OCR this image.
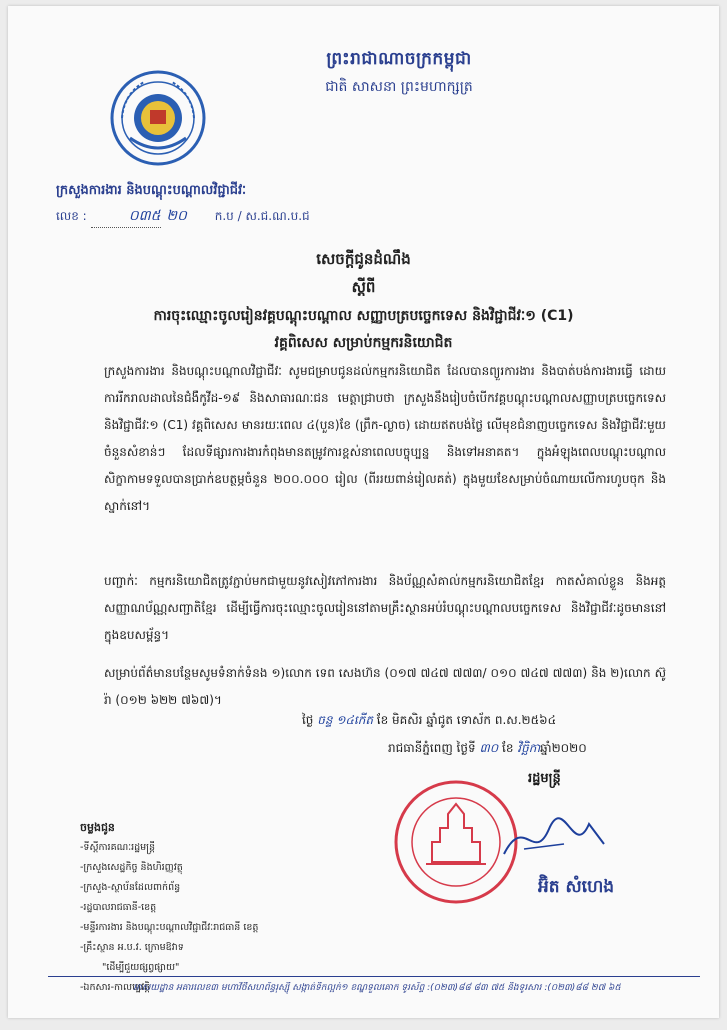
ព្រះរាជាណាចក្រកម្ពុជា
ជាតិ សាសនា ព្រះមហាក្សត្រ
ក្រសួងការងារ និងបណ្តុះបណ្តាលវិជ្ជាជីវៈ
លេខ :	០៣៥ ២០ ក.ប / ស.ជ.ណ.ប.ជ
សេចក្តីជូនដំណឹង
ស្តីពី
ការចុះឈ្មោះចូលរៀនវគ្គបណ្តុះបណ្តាល សញ្ញាបត្របច្ចេកទេស និងវិជ្ជាជីវៈ១ (C1)
វគ្គពិសេស សម្រាប់កម្មករនិយោជិត
ក្រសួងការងារ និងបណ្តុះបណ្តាលវិជ្ជាជីវៈ សូមជម្រាបជូនដល់កម្មករនិយោជិត ដែលបានព្យួរការងារ និងបាត់បង់ការងារធ្វើ ដោយការរីករាលដាលនៃជំងឺកូវីដ-១៩ និងសាធារណៈជន មេត្តាជ្រាបថា ក្រសួងនឹងរៀបចំបើកវគ្គបណ្តុះបណ្តាលសញ្ញាបត្របច្ចេកទេស និងវិជ្ជាជីវៈ១ (C1) វគ្គពិសេស មានរយៈពេល ៤(បួន)ខែ (ព្រឹក-ល្ងាច) ដោយឥតបង់ថ្លៃ លើមុខជំនាញបច្ចេកទេស និងវិជ្ជាជីវៈមួយចំនួនសំខាន់ៗ ដែលទីផ្សារការងារកំពុងមានតម្រូវការខ្ពស់នាពេលបច្ចុប្បន្ន និងទៅអនាគត។ ក្នុងអំឡុងពេលបណ្តុះបណ្តាល សិក្ខាកាមទទួលបានប្រាក់ឧបត្ថម្ភចំនួន ២០០.០០០ រៀល (ពីររយពាន់រៀលគត់) ក្នុងមួយខែសម្រាប់ចំណាយលើការហូបចុក និងស្នាក់នៅ។
បញ្ជាក់ៈ កម្មករនិយោជិតត្រូវភ្ជាប់មកជាមួយនូវសៀវភៅការងារ និងប័ណ្ណសំគាល់កម្មករនិយោជិតខ្មែរ កាតសំគាល់ខ្លួន និងអត្តសញ្ញាណប័ណ្ណសញ្ជាតិខ្មែរ ដើម្បីធ្វើការចុះឈ្មោះចូលរៀននៅតាមគ្រឹះស្ថានអប់រំបណ្តុះបណ្តាលបច្ចេកទេស និងវិជ្ជាជីវៈដូចមាននៅក្នុងឧបសម្ព័ន្ធ។
សម្រាប់ព័ត៌មានបន្ថែមសូមទំនាក់ទំនង ១)លោក ទេព សេងហ៊ន (០១៧ ៧៤៧ ៧៧៣/ ០១០ ៧៤៧ ៧៧៣) និង ២)លោក ស៊ូ រ៉ា (០១២ ៦២២ ៧៦៧)។
ថ្ងៃ ចន្ទ ១៤កើត ខែ មិគសិរ ឆ្នាំជូត ទោស័ក ព.ស.២៥៦៤
រាជធានីភ្នំពេញ ថ្ងៃទី ៣០ ខែ វិច្ឆិកាឆ្នាំ២០២០
រដ្ឋមន្ត្រី
អ៊ិត សំហេង
ចម្លងជូន
-ទីស្តីការគណៈរដ្ឋមន្ត្រី
-ក្រសួងសេដ្ឋកិច្ច និងហិរញ្ញវត្ថុ
-ក្រសួង-ស្ថាប័នដែលពាក់ព័ន្ធ
-រដ្ឋបាលរាជធានី-ខេត្ត
-មន្ទីរការងារ និងបណ្តុះបណ្តាលវិជ្ជាជីវៈរាជធានី ខេត្ត
-គ្រឹះស្ថាន អ.ប.វ. ក្រោមឱវាទ
"ដើម្បីជួយផ្សព្វផ្សាយ"
-ឯកសារ-កាលប្បវត្តិ
អាសយដ្ឋាន អគារលេខ៣ មហាវិថីសហព័ន្ធរុស្ស៊ី សង្កាត់ទឹកល្អក់១ ខណ្ឌទួលគោក ទូរស័ព្ទ :(០២៣)៨៨ ៨៣ ៧៥ និងទូរសារ :(០២៣)៨៨ ២៧ ៦៥
